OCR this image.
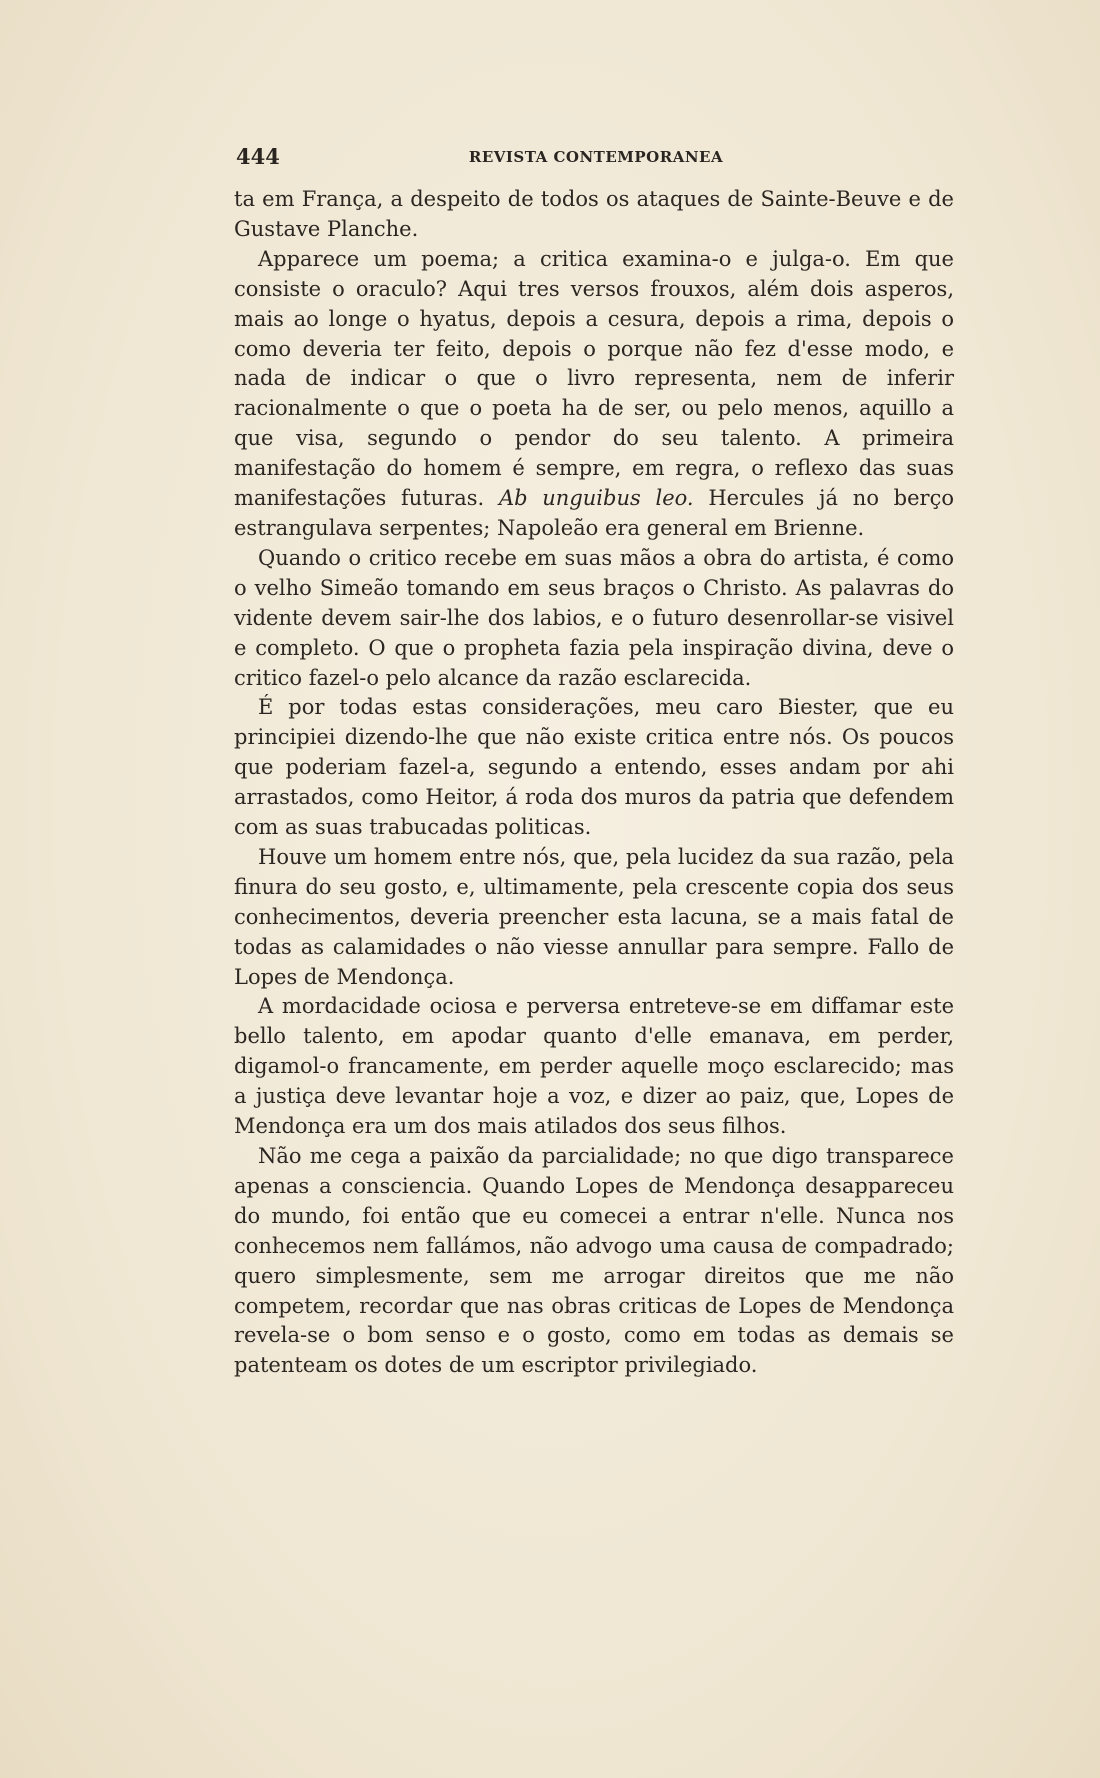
444	REVISTA CONTEMPORANEA

ta em França, a despeito de todos os ataques de Sainte-Beuve e de Gustave Planche.

Apparece um poema; a critica examina-o e julga-o. Em que consiste o oraculo? Aqui tres versos frouxos, além dois asperos, mais ao longe o hyatus, depois a cesura, depois a rima, depois o como deveria ter feito, depois o porque não fez d'esse modo, e nada de indicar o que o livro representa, nem de inferir racionalmente o que o poeta ha de ser, ou pelo menos, aquillo a que visa, segundo o pendor do seu talento. A primeira manifestação do homem é sempre, em regra, o reflexo das suas manifestações futuras. Ab unguibus leo. Hercules já no berço estrangulava serpentes; Napoleão era general em Brienne.

Quando o critico recebe em suas mãos a obra do artista, é como o velho Simeão tomando em seus braços o Christo. As palavras do vidente devem sair-lhe dos labios, e o futuro desenrollar-se visivel e completo. O que o propheta fazia pela inspiração divina, deve o critico fazel-o pelo alcance da razão esclarecida.

É por todas estas considerações, meu caro Biester, que eu principiei dizendo-lhe que não existe critica entre nós. Os poucos que poderiam fazel-a, segundo a entendo, esses andam por ahi arrastados, como Heitor, á roda dos muros da patria que defendem com as suas trabucadas politicas.

Houve um homem entre nós, que, pela lucidez da sua razão, pela finura do seu gosto, e, ultimamente, pela crescente copia dos seus conhecimentos, deveria preencher esta lacuna, se a mais fatal de todas as calamidades o não viesse annullar para sempre. Fallo de Lopes de Mendonça.

A mordacidade ociosa e perversa entreteve-se em diffamar este bello talento, em apodar quanto d'elle emanava, em perder, digamol-o francamente, em perder aquelle moço esclarecido; mas a justiça deve levantar hoje a voz, e dizer ao paiz, que, Lopes de Mendonça era um dos mais atilados dos seus filhos.

Não me cega a paixão da parcialidade; no que digo transparece apenas a consciencia. Quando Lopes de Mendonça desappareceu do mundo, foi então que eu comecei a entrar n'elle. Nunca nos conhecemos nem fallámos, não advogo uma causa de compadrado; quero simplesmente, sem me arrogar direitos que me não competem, recordar que nas obras criticas de Lopes de Mendonça revela-se o bom senso e o gosto, como em todas as demais se patenteam os dotes de um escriptor privilegiado.
